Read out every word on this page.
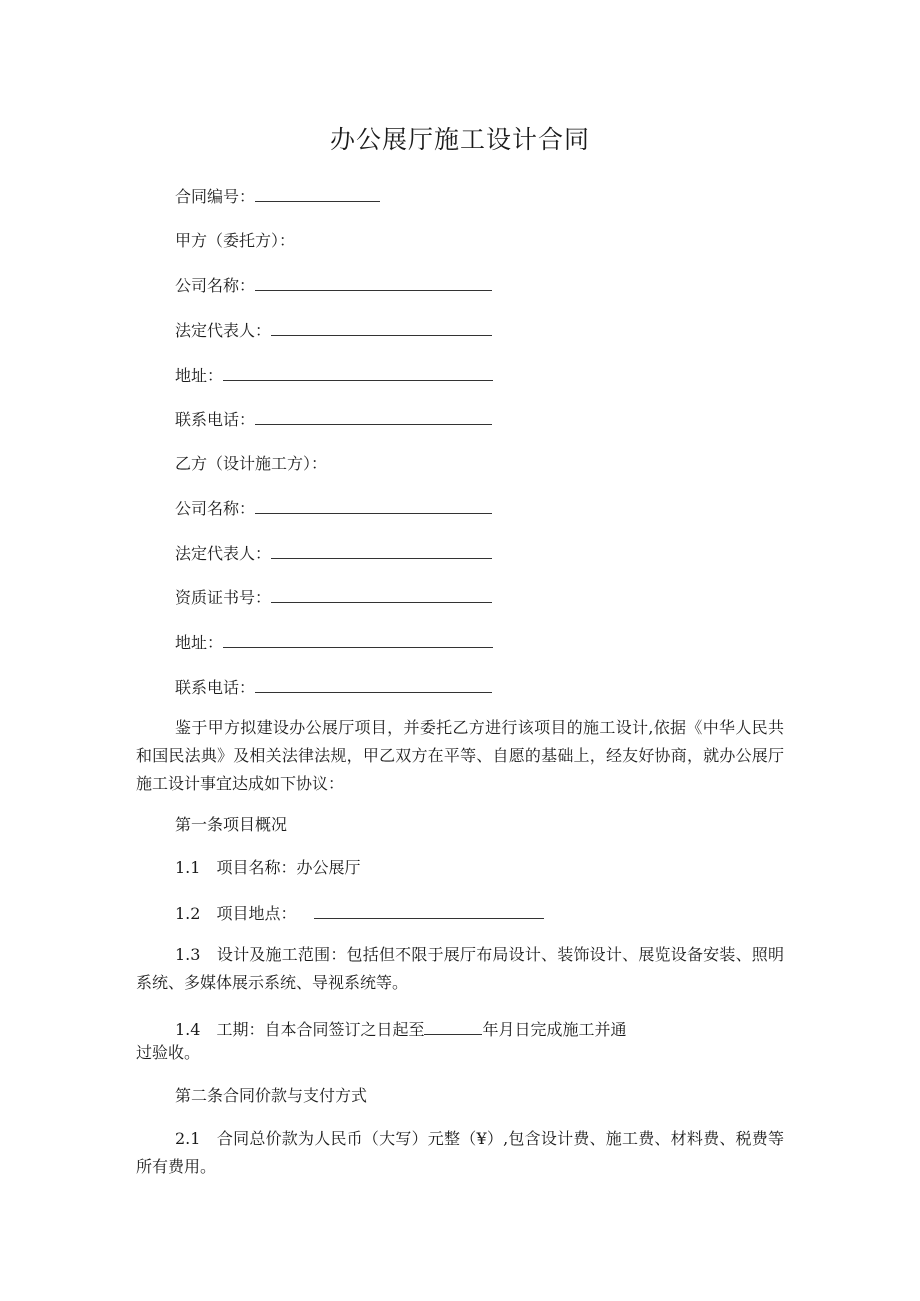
办公展厅施工设计合同
合同编号：
甲方（委托方）：
公司名称：
法定代表人：
地址：
联系电话：
乙方（设计施工方）：
公司名称：
法定代表人：
资质证书号：
地址：
联系电话：
鉴于甲方拟建设办公展厅项目，并委托乙方进行该项目的施工设计,依据《中华人民共和国民法典》及相关法律法规，甲乙双方在平等、自愿的基础上，经友好协商，就办公展厅施工设计事宜达成如下协议：
第一条项目概况
1.1　项目名称：办公展厅
1.2　项目地点：
1.3　设计及施工范围：包括但不限于展厅布局设计、装饰设计、展览设备安装、照明系统、多媒体展示系统、导视系统等。
1.4　工期：自本合同签订之日起至	年月日完成施工并通
过验收。
第二条合同价款与支付方式
2.1　合同总价款为人民币（大写）元整（¥）,包含设计费、施工费、材料费、税费等所有费用。
